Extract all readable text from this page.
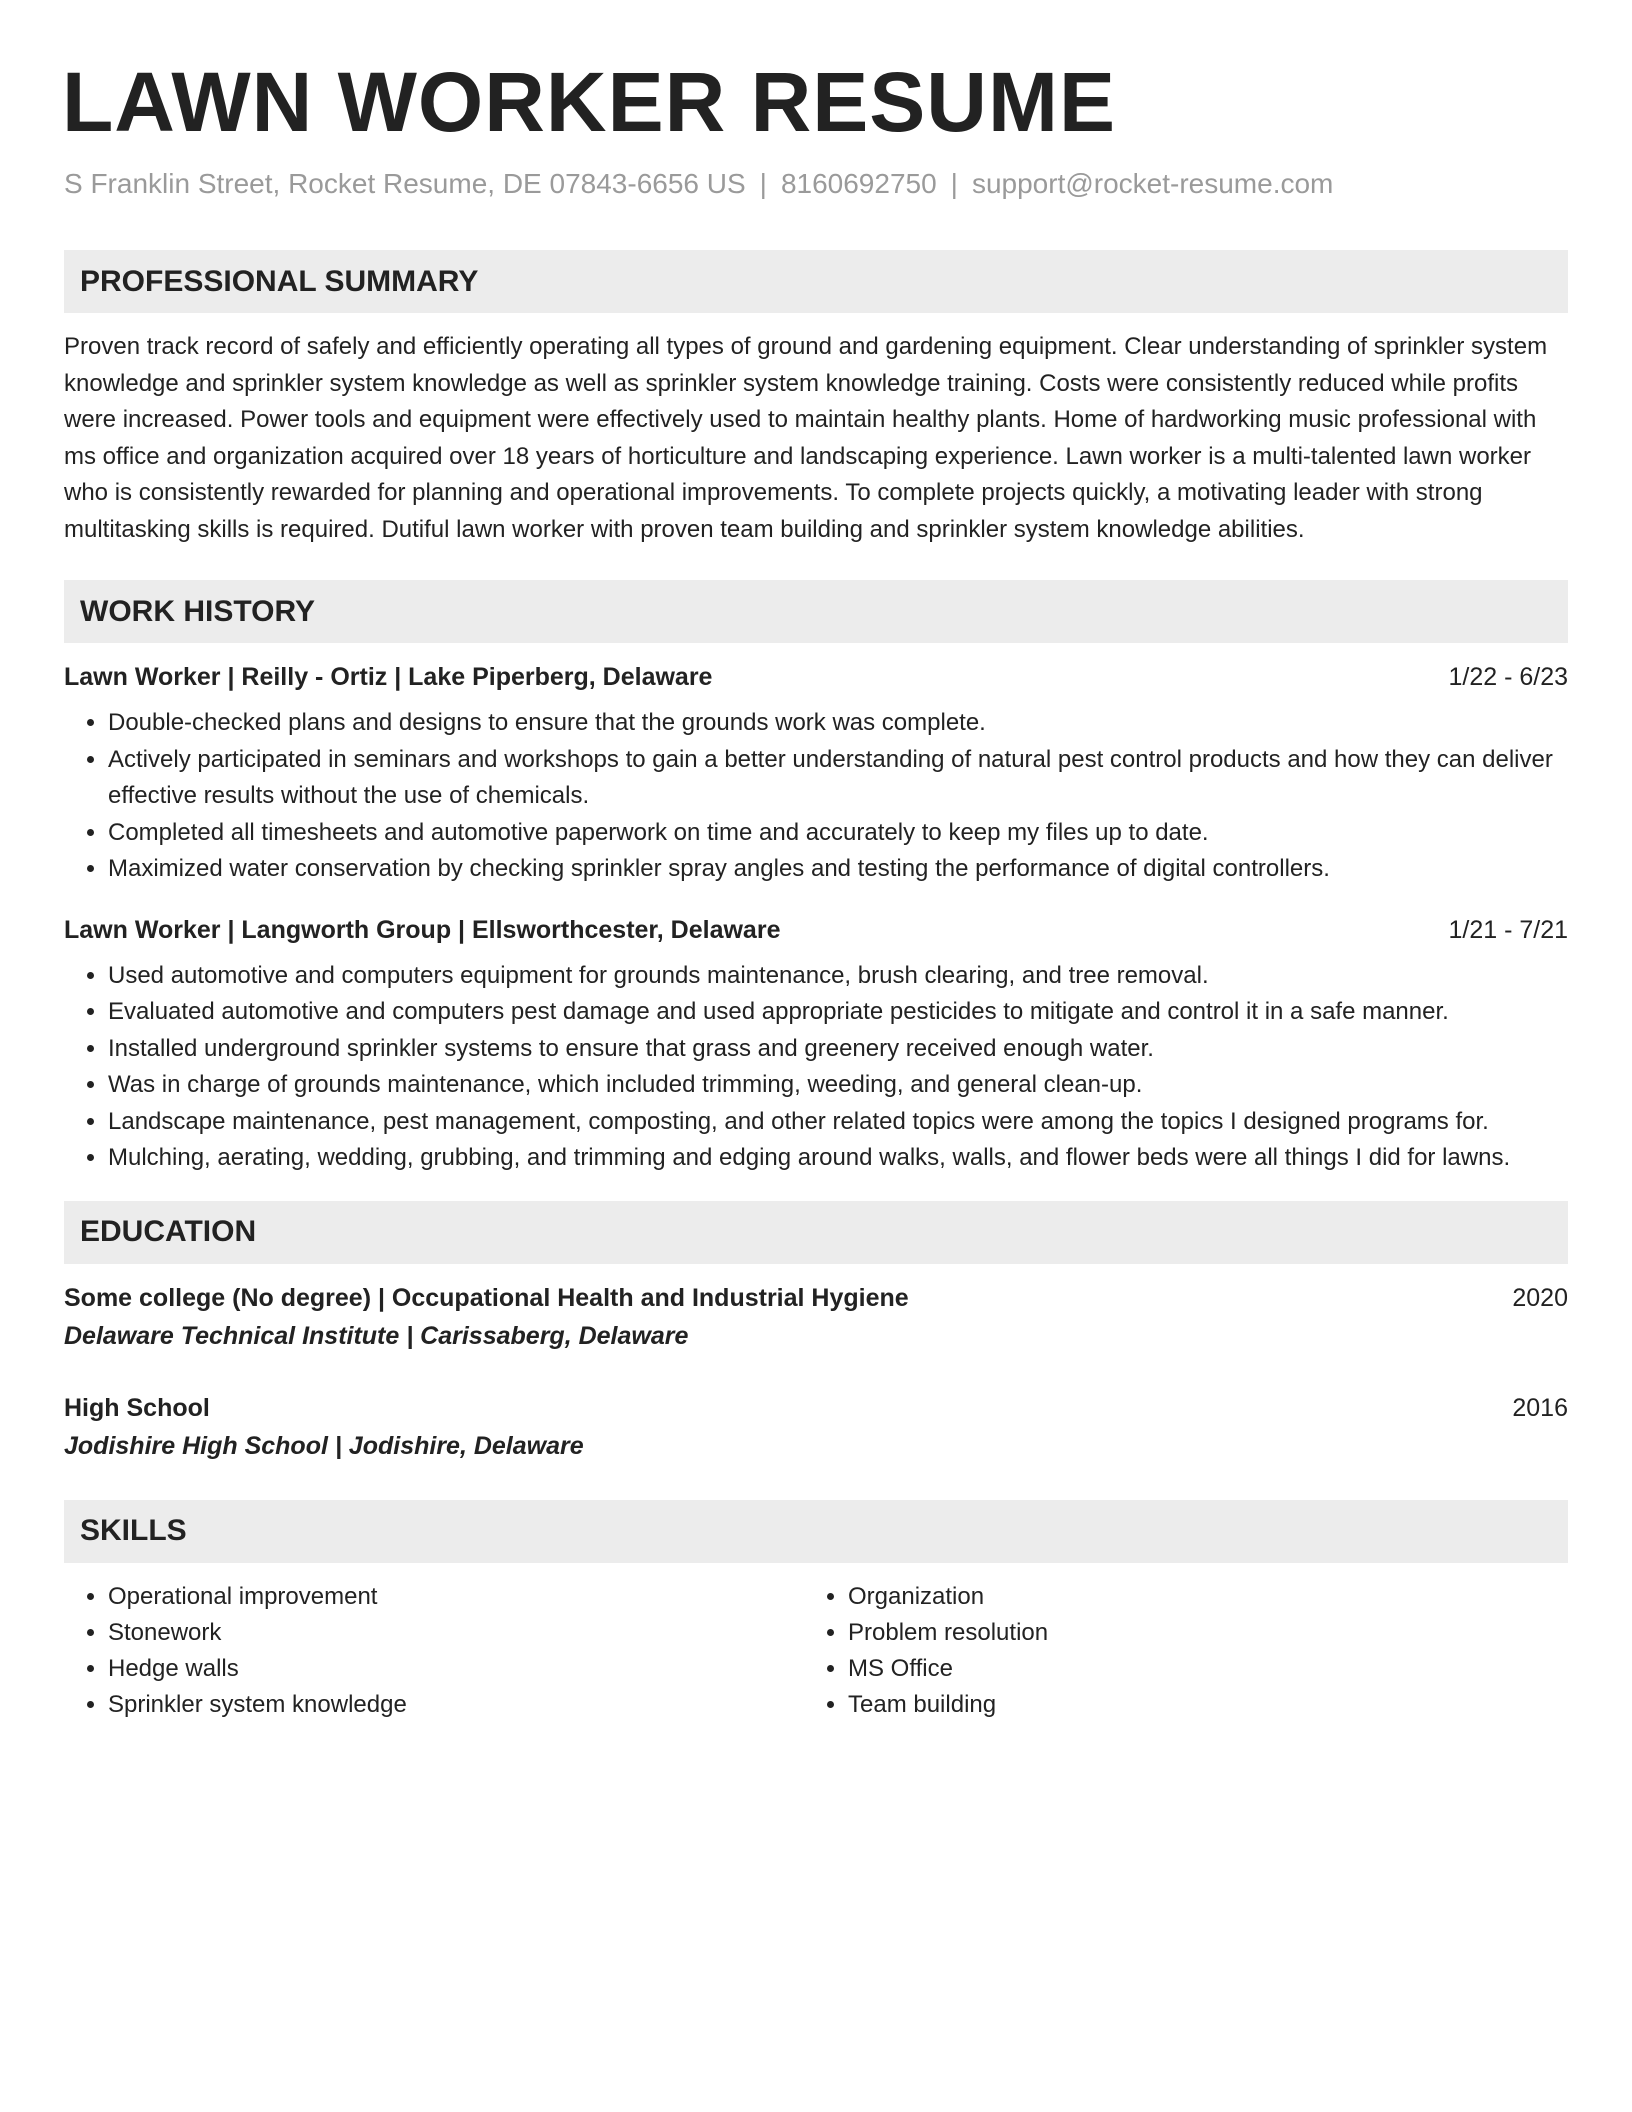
LAWN WORKER RESUME
S Franklin Street, Rocket Resume, DE 07843-6656 US | 8160692750 | support@rocket-resume.com
PROFESSIONAL SUMMARY
Proven track record of safely and efficiently operating all types of ground and gardening equipment. Clear understanding of sprinkler system knowledge and sprinkler system knowledge as well as sprinkler system knowledge training. Costs were consistently reduced while profits were increased. Power tools and equipment were effectively used to maintain healthy plants. Home of hardworking music professional with ms office and organization acquired over 18 years of horticulture and landscaping experience. Lawn worker is a multi-talented lawn worker who is consistently rewarded for planning and operational improvements. To complete projects quickly, a motivating leader with strong multitasking skills is required. Dutiful lawn worker with proven team building and sprinkler system knowledge abilities.
WORK HISTORY
Lawn Worker | Reilly - Ortiz | Lake Piperberg, Delaware	1/22 - 6/23
• Double-checked plans and designs to ensure that the grounds work was complete.
• Actively participated in seminars and workshops to gain a better understanding of natural pest control products and how they can deliver effective results without the use of chemicals.
• Completed all timesheets and automotive paperwork on time and accurately to keep my files up to date.
• Maximized water conservation by checking sprinkler spray angles and testing the performance of digital controllers.
Lawn Worker | Langworth Group | Ellsworthcester, Delaware	1/21 - 7/21
• Used automotive and computers equipment for grounds maintenance, brush clearing, and tree removal.
• Evaluated automotive and computers pest damage and used appropriate pesticides to mitigate and control it in a safe manner.
• Installed underground sprinkler systems to ensure that grass and greenery received enough water.
• Was in charge of grounds maintenance, which included trimming, weeding, and general clean-up.
• Landscape maintenance, pest management, composting, and other related topics were among the topics I designed programs for.
• Mulching, aerating, wedding, grubbing, and trimming and edging around walks, walls, and flower beds were all things I did for lawns.
EDUCATION
Some college (No degree) | Occupational Health and Industrial Hygiene	2020
Delaware Technical Institute | Carissaberg, Delaware
High School	2016
Jodishire High School | Jodishire, Delaware
SKILLS
• Operational improvement
• Stonework
• Hedge walls
• Sprinkler system knowledge
• Organization
• Problem resolution
• MS Office
• Team building
